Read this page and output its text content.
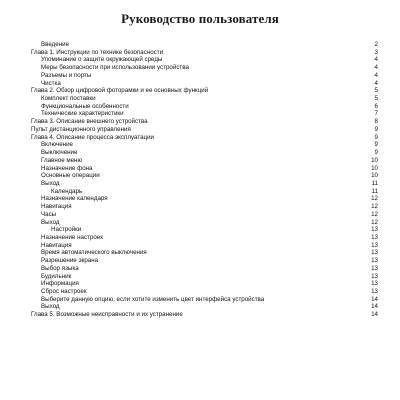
Руководство пользователя
Введение	2
Глава 1. Инструкции по технике безопасности	3
Упоминание о защите окружающей среды	4
Меры безопасности при использовании устройства	4
Разъемы и порты	4
Чистка	4
Глава 2. Обзор цифровой фоторамки и ее основных функций	5
Комплект поставки	5
Функциональные особенности	6
Технические характеристики	7
Глава 3. Описание внешнего устройства	8
Пульт дистанционного управления	9
Глава 4. Описание процесса эксплуатации	9
Включение	9
Выключение	9
Главное меню	10
Назначение фона	10
Основные операции	10
Выход	11
Календарь	11
Назначение календаря	12
Навигация	12
Часы	12
Выход	12
Настройки	13
Назначение настроек	13
Навигация	13
Время автоматического выключения	13
Разрешение экрана	13
Выбор языка	13
Будильник	13
Информация	13
Сброс настроек	13
Выберите данную опцию, если хотите изменить цвет интерфейса устройства	14
Выход	14
Глава 5. Возможные неисправности и их устранение	14
